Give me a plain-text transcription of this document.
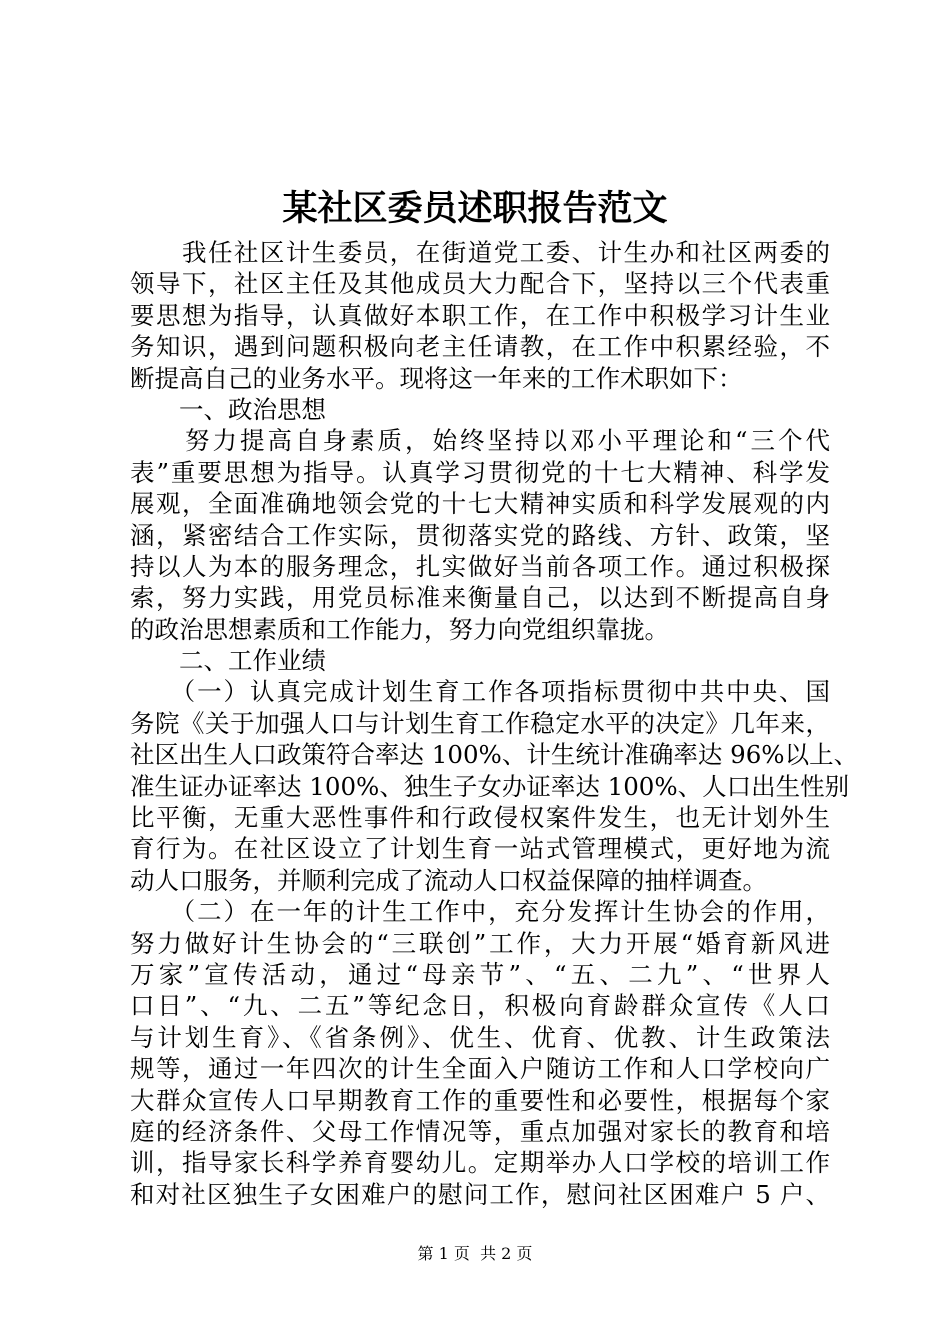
某社区委员述职报告范文
　　我任社区计生委员，在街道党工委、计生办和社区两委的
领导下，社区主任及其他成员大力配合下，坚持以三个代表重
要思想为指导，认真做好本职工作，在工作中积极学习计生业
务知识，遇到问题积极向老主任请教，在工作中积累经验，不
断提高自己的业务水平。现将这一年来的工作术职如下：
　　一、政治思想
　　努力提高自身素质，始终坚持以邓小平理论和“三个代
表”重要思想为指导。认真学习贯彻党的十七大精神、科学发
展观，全面准确地领会党的十七大精神实质和科学发展观的内
涵，紧密结合工作实际，贯彻落实党的路线、方针、政策，坚
持以人为本的服务理念，扎实做好当前各项工作。通过积极探
索，努力实践，用党员标准来衡量自己，以达到不断提高自身
的政治思想素质和工作能力，努力向党组织靠拢。
　　二、工作业绩
　　（一）认真完成计划生育工作各项指标贯彻中共中央、国
务院《关于加强人口与计划生育工作稳定水平的决定》几年来，
社区出生人口政策符合率达 100%、计生统计准确率达 96%以上、
准生证办证率达 100%、独生子女办证率达 100%、人口出生性别
比平衡，无重大恶性事件和行政侵权案件发生，也无计划外生
育行为。在社区设立了计划生育一站式管理模式，更好地为流
动人口服务，并顺利完成了流动人口权益保障的抽样调查。
　　（二）在一年的计生工作中，充分发挥计生协会的作用，
努力做好计生协会的“三联创”工作，大力开展“婚育新风进
万家”宣传活动，通过“母亲节”、“五、二九”、“世界人
口日”、“九、二五”等纪念日，积极向育龄群众宣传《人口
与计划生育》、《省条例》、优生、优育、优教、计生政策法
规等，通过一年四次的计生全面入户随访工作和人口学校向广
大群众宣传人口早期教育工作的重要性和必要性，根据每个家
庭的经济条件、父母工作情况等，重点加强对家长的教育和培
训，指导家长科学养育婴幼儿。定期举办人口学校的培训工作
和对社区独生子女困难户的慰问工作，慰问社区困难户 5 户、
第 1 页  共 2 页
